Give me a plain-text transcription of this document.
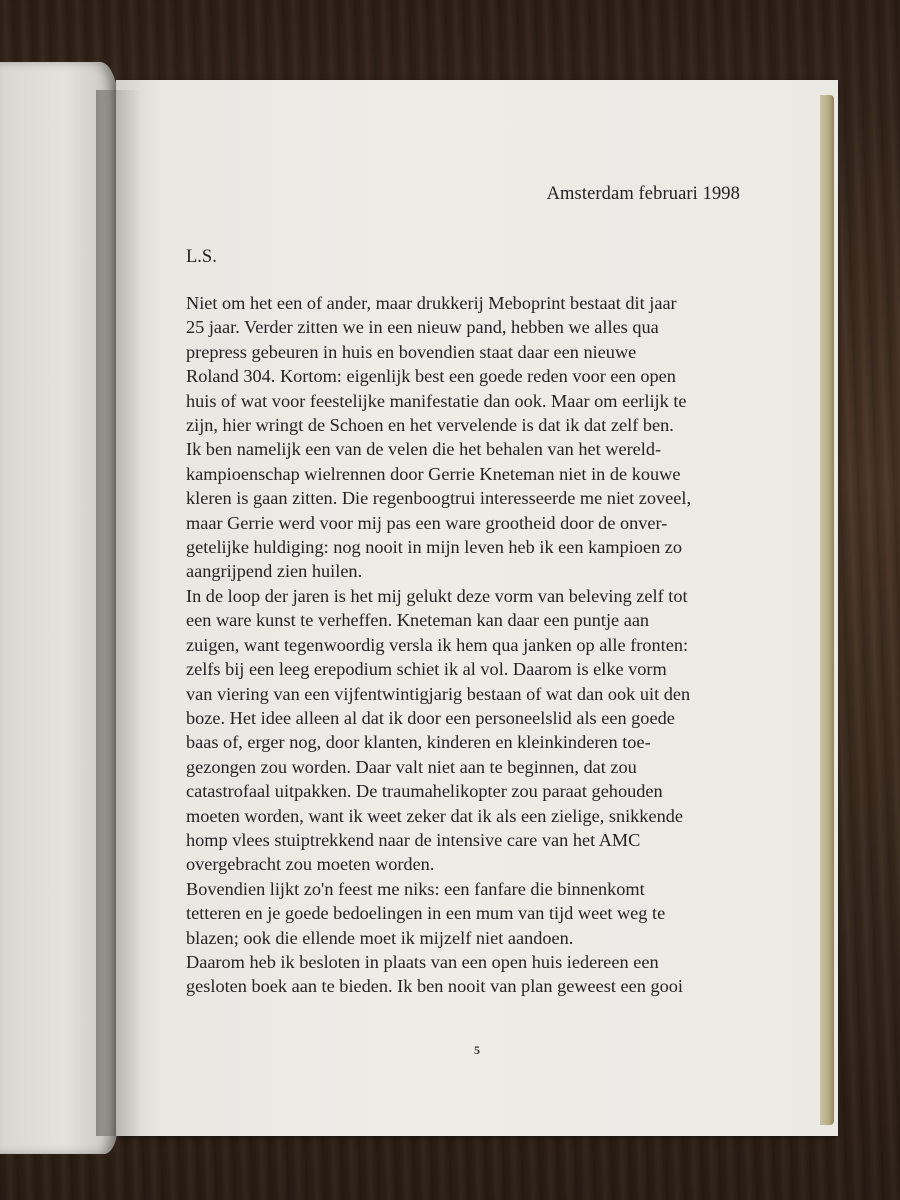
Amsterdam februari 1998
L.S.
Niet om het een of ander, maar drukkerij Meboprint bestaat dit jaar
25 jaar. Verder zitten we in een nieuw pand, hebben we alles qua
prepress gebeuren in huis en bovendien staat daar een nieuwe
Roland 304. Kortom: eigenlijk best een goede reden voor een open
huis of wat voor feestelijke manifestatie dan ook. Maar om eerlijk te
zijn, hier wringt de Schoen en het vervelende is dat ik dat zelf ben.
Ik ben namelijk een van de velen die het behalen van het wereld-
kampioenschap wielrennen door Gerrie Kneteman niet in de kouwe
kleren is gaan zitten. Die regenboogtrui interesseerde me niet zoveel,
maar Gerrie werd voor mij pas een ware grootheid door de onver-
getelijke huldiging: nog nooit in mijn leven heb ik een kampioen zo
aangrijpend zien huilen.
In de loop der jaren is het mij gelukt deze vorm van beleving zelf tot
een ware kunst te verheffen. Kneteman kan daar een puntje aan
zuigen, want tegenwoordig versla ik hem qua janken op alle fronten:
zelfs bij een leeg erepodium schiet ik al vol. Daarom is elke vorm
van viering van een vijfentwintigjarig bestaan of wat dan ook uit den
boze. Het idee alleen al dat ik door een personeelslid als een goede
baas of, erger nog, door klanten, kinderen en kleinkinderen toe-
gezongen zou worden. Daar valt niet aan te beginnen, dat zou
catastrofaal uitpakken. De traumahelikopter zou paraat gehouden
moeten worden, want ik weet zeker dat ik als een zielige, snikkende
homp vlees stuiptrekkend naar de intensive care van het AMC
overgebracht zou moeten worden.
Bovendien lijkt zo'n feest me niks: een fanfare die binnenkomt
tetteren en je goede bedoelingen in een mum van tijd weet weg te
blazen; ook die ellende moet ik mijzelf niet aandoen.
Daarom heb ik besloten in plaats van een open huis iedereen een
gesloten boek aan te bieden. Ik ben nooit van plan geweest een gooi
5
